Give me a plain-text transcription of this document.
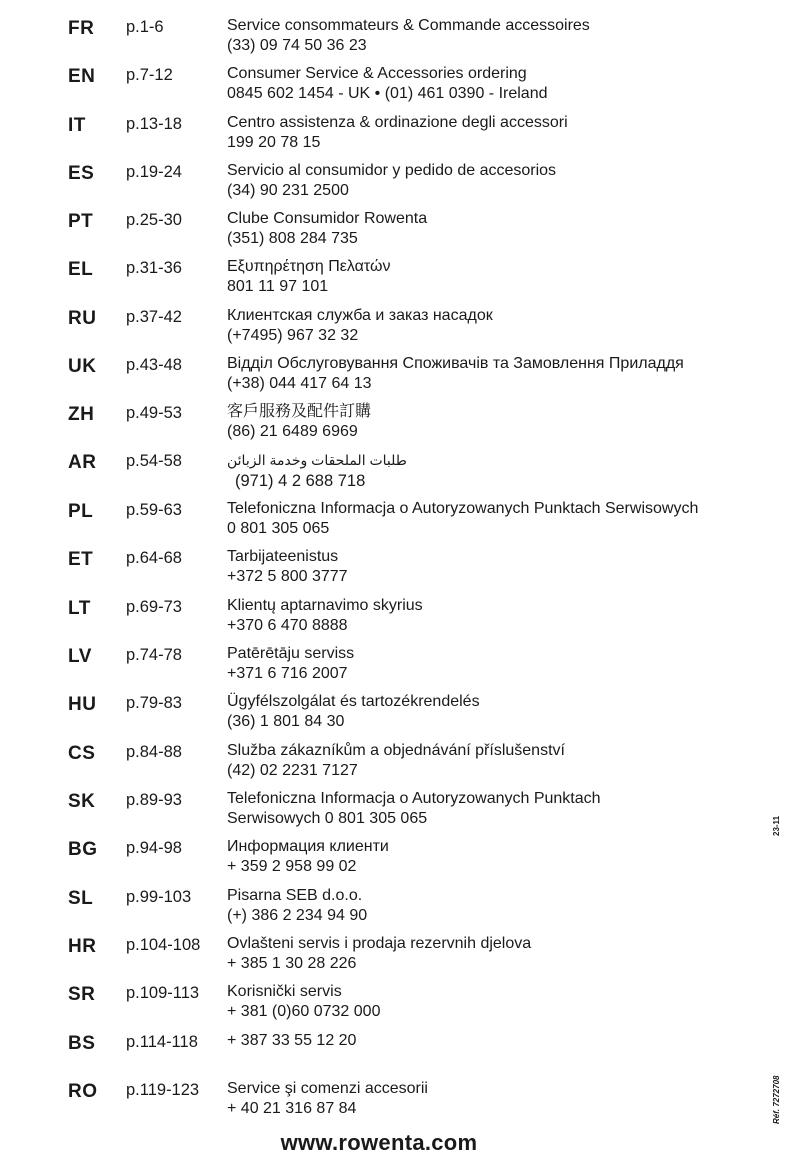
FR p.1-6	Service consommateurs & Commande accessoires
(33) 09 74 50 36 23
EN p.7-12	Consumer Service & Accessories ordering
0845 602 1454 - UK • (01) 461 0390 - Ireland
IT p.13-18	Centro assistenza & ordinazione degli accessori
199 20 78 15
ES p.19-24	Servicio al consumidor y pedido de accesorios
(34) 90 231 2500
PT p.25-30	Clube Consumidor Rowenta
(351) 808 284 735
EL p.31-36	Εξυπηρέτηση Πελατών
801 11 97 101
RU p.37-42	Клиентская служба и заказ насадок
(+7495) 967 32 32
UK p.43-48	Відділ Обслуговування Споживачів та Замовлення Приладдя
(+38) 044 417 64 13
ZH p.49-53	客戶服務及配件訂購
(86) 21 6489 6969
AR p.54-58	طلبات الملحقات وخدمة الزبائن
(971) 4 2 688 718
PL p.59-63	Telefoniczna Informacja o Autoryzowanych Punktach Serwisowych
0 801 305 065
ET p.64-68	Tarbijateenistus
+372 5 800 3777
LT p.69-73	Klientų aptarnavimo skyrius
+370 6 470 8888
LV p.74-78	Patērētāju serviss
+371 6 716 2007
HU p.79-83	Ügyfélszolgálat és tartozékrendelés
(36) 1 801 84 30
CS p.84-88	Služba zákazníkům a objednávání příslušenství
(42) 02 2231 7127
SK p.89-93	Telefoniczna Informacja o Autoryzowanych Punktach
Serwisowych 0 801 305 065
BG p.94-98	Информация клиенти
+ 359 2 958 99 02
SL p.99-103 Pisarna SEB d.o.o.
(+) 386 2 234 94 90
HR p.104-108 Ovlašteni servis i prodaja rezervnih djelova
+ 385 1 30 28 226
SR p.109-113 Korisnički servis
+ 381 (0)60 0732 000
BS p.114-118 + 387 33 55 12 20
RO p.119-123 Service şi comenzi accesorii
+ 40 21 316 87 84
www.rowenta.com
23-11
Réf. 7272708
